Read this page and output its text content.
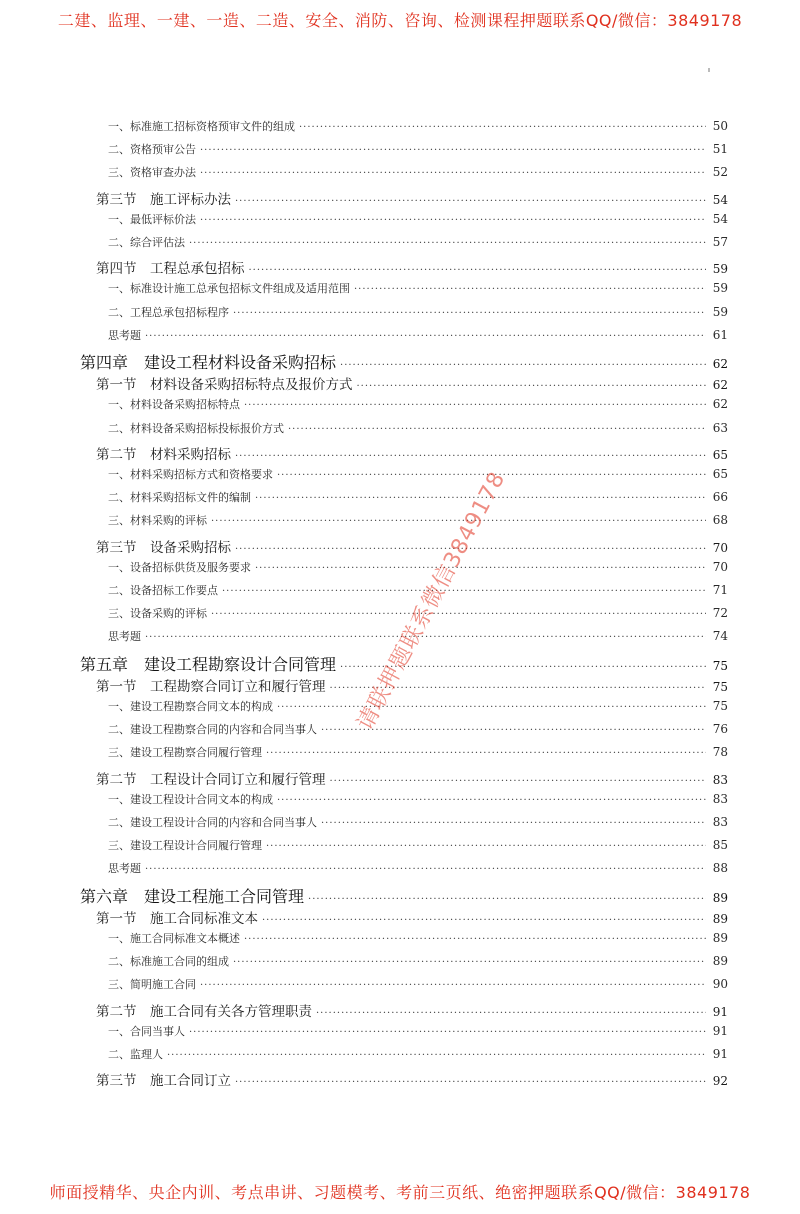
二建、监理、一建、一造、二造、安全、消防、咨询、检测课程押题联系QQ/微信：3849178
一、标准施工招标资格预审文件的组成 ·····	50
二、资格预审公告 ·····	51
三、资格审查办法 ·····	52
第三节　施工评标办法 ·····	54
一、最低评标价法 ·····	54
二、综合评估法 ·····	57
第四节　工程总承包招标 ·····	59
一、标准设计施工总承包招标文件组成及适用范围 ·····	59
二、工程总承包招标程序 ·····	59
思考题 ·····	61
第四章　建设工程材料设备采购招标 ·····	62
第一节　材料设备采购招标特点及报价方式 ·····	62
一、材料设备采购招标特点 ·····	62
二、材料设备采购招标投标报价方式 ·····	63
第二节　材料采购招标 ·····	65
一、材料采购招标方式和资格要求 ·····	65
二、材料采购招标文件的编制 ·····	66
三、材料采购的评标 ·····	68
第三节　设备采购招标 ·····	70
一、设备招标供货及服务要求 ·····	70
二、设备招标工作要点 ·····	71
三、设备采购的评标 ·····	72
思考题 ·····	74
第五章　建设工程勘察设计合同管理 ·····	75
第一节　工程勘察合同订立和履行管理 ·····	75
一、建设工程勘察合同文本的构成 ·····	75
二、建设工程勘察合同的内容和合同当事人 ·····	76
三、建设工程勘察合同履行管理 ·····	78
第二节　工程设计合同订立和履行管理 ·····	83
一、建设工程设计合同文本的构成 ·····	83
二、建设工程设计合同的内容和合同当事人 ·····	83
三、建设工程设计合同履行管理 ·····	85
思考题 ·····	88
第六章　建设工程施工合同管理 ·····	89
第一节　施工合同标准文本 ·····	89
一、施工合同标准文本概述 ·····	89
二、标准施工合同的组成 ·····	89
三、简明施工合同 ·····	90
第二节　施工合同有关各方管理职责 ·····	91
一、合同当事人 ·····	91
二、监理人 ·····	91
第三节　施工合同订立 ·····	92
请联押题联系微信3849178
师面授精华、央企内训、考点串讲、习题模考、考前三页纸、绝密押题联系QQ/微信：3849178
